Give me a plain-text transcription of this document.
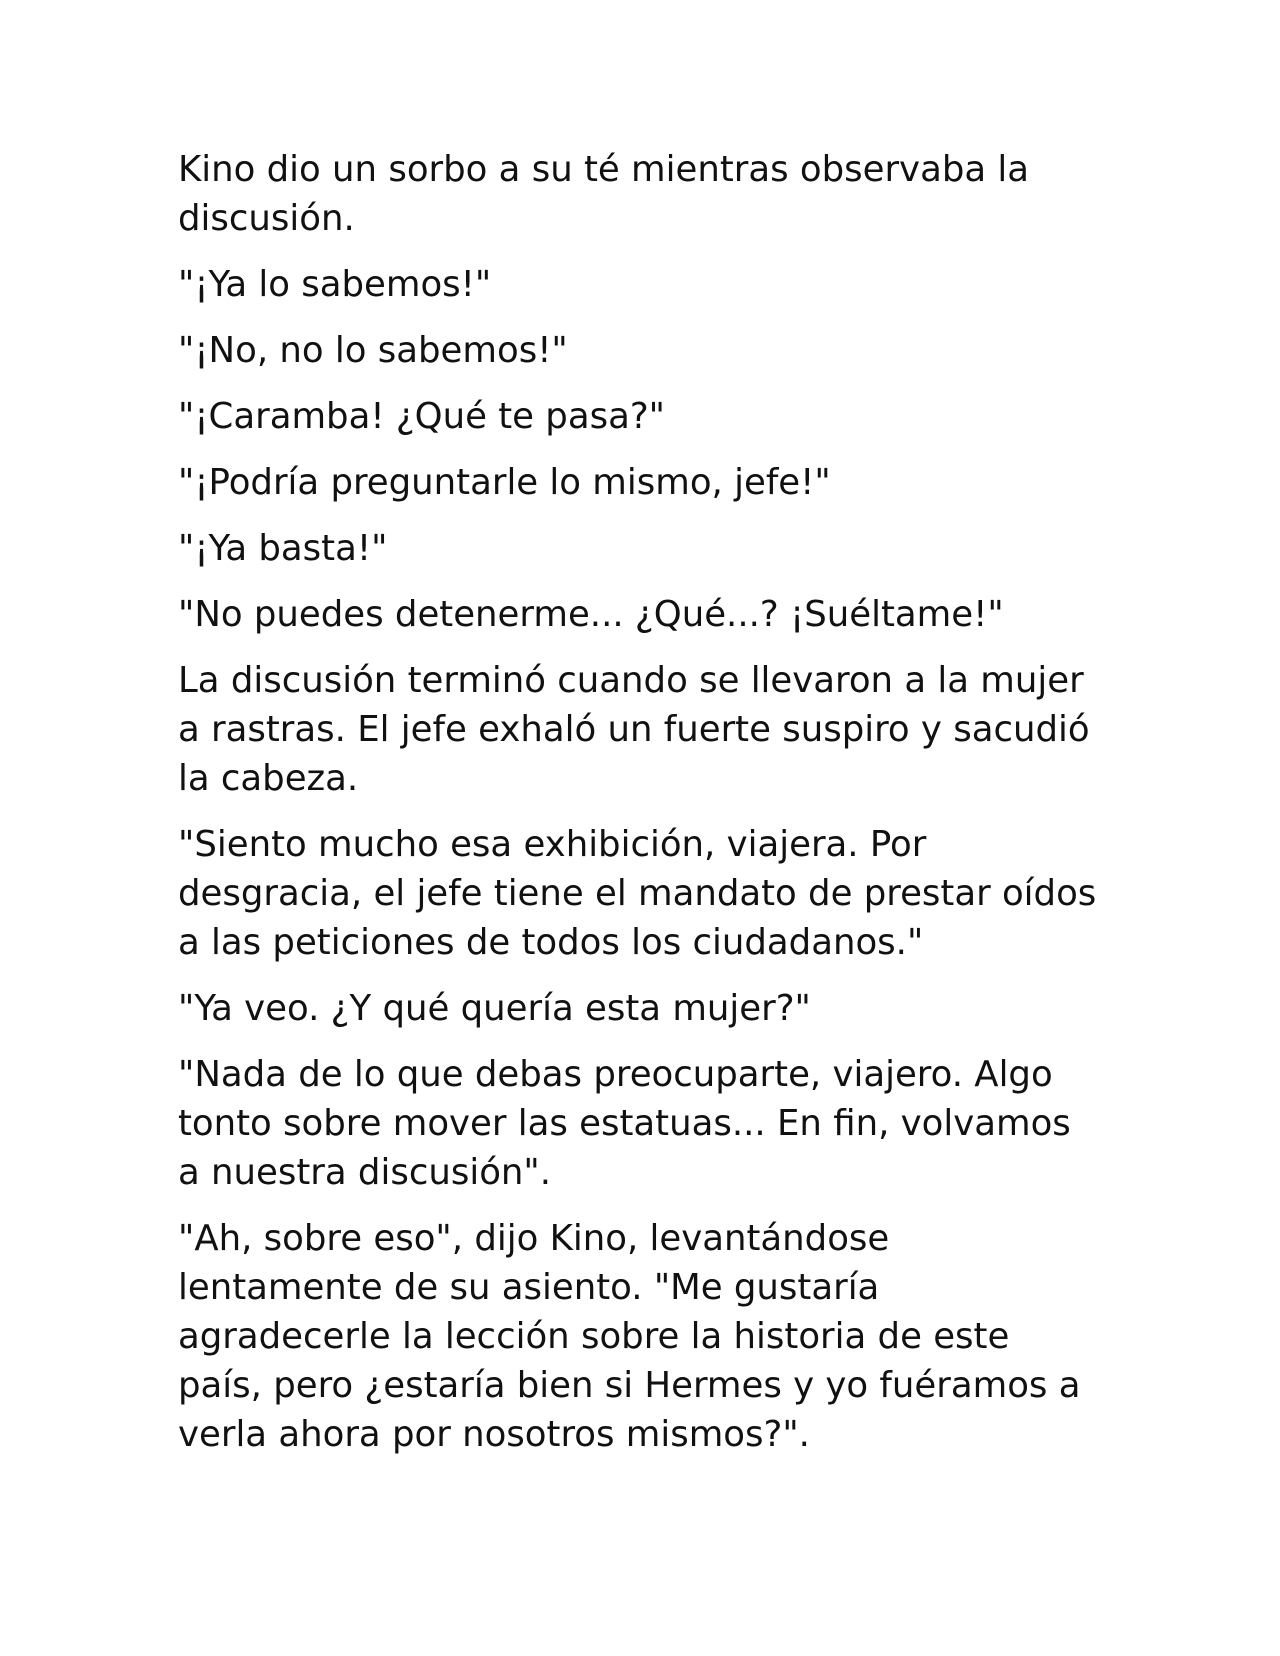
Kino dio un sorbo a su té mientras observaba la discusión.

"¡Ya lo sabemos!"

"¡No, no lo sabemos!"

"¡Caramba! ¿Qué te pasa?"

"¡Podría preguntarle lo mismo, jefe!"

"¡Ya basta!"

"No puedes detenerme... ¿Qué...? ¡Suéltame!"

La discusión terminó cuando se llevaron a la mujer a rastras. El jefe exhaló un fuerte suspiro y sacudió la cabeza.

"Siento mucho esa exhibición, viajera. Por desgracia, el jefe tiene el mandato de prestar oídos a las peticiones de todos los ciudadanos."

"Ya veo. ¿Y qué quería esta mujer?"

"Nada de lo que debas preocuparte, viajero. Algo tonto sobre mover las estatuas... En fin, volvamos a nuestra discusión".

"Ah, sobre eso", dijo Kino, levantándose lentamente de su asiento. "Me gustaría agradecerle la lección sobre la historia de este país, pero ¿estaría bien si Hermes y yo fuéramos a verla ahora por nosotros mismos?".
